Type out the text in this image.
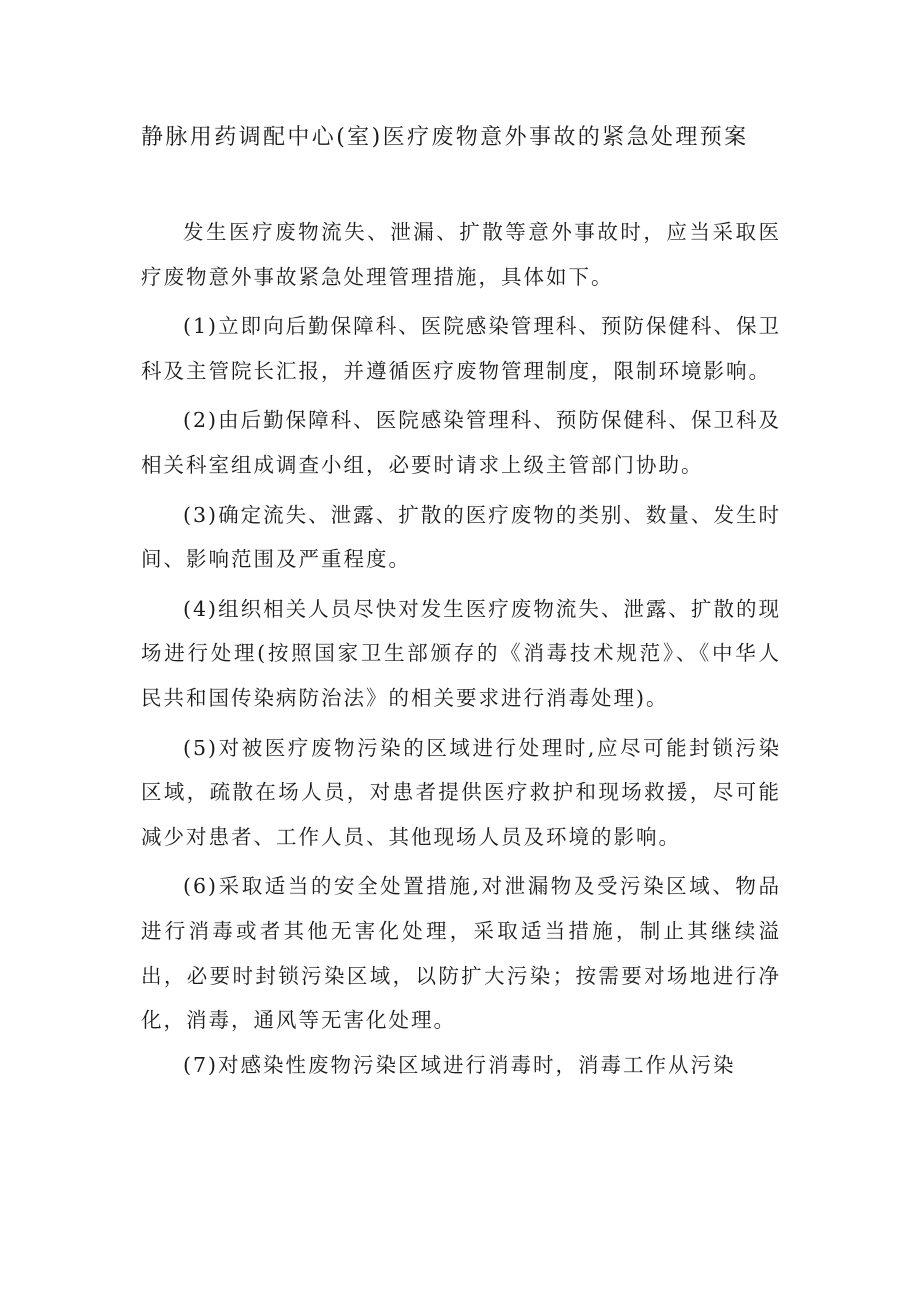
静脉用药调配中心(室)医疗废物意外事故的紧急处理预案

发生医疗废物流失、泄漏、扩散等意外事故时，应当采取医疗废物意外事故紧急处理管理措施，具体如下。

(1)立即向后勤保障科、医院感染管理科、预防保健科、保卫科及主管院长汇报，并遵循医疗废物管理制度，限制环境影响。

(2)由后勤保障科、医院感染管理科、预防保健科、保卫科及相关科室组成调查小组，必要时请求上级主管部门协助。

(3)确定流失、泄露、扩散的医疗废物的类别、数量、发生时间、影响范围及严重程度。

(4)组织相关人员尽快对发生医疗废物流失、泄露、扩散的现场进行处理(按照国家卫生部颁存的《消毒技术规范》、《中华人民共和国传染病防治法》的相关要求进行消毒处理)。

(5)对被医疗废物污染的区域进行处理时,应尽可能封锁污染区域，疏散在场人员，对患者提供医疗救护和现场救援，尽可能减少对患者、工作人员、其他现场人员及环境的影响。

(6)采取适当的安全处置措施,对泄漏物及受污染区域、物品进行消毒或者其他无害化处理，采取适当措施，制止其继续溢出，必要时封锁污染区域，以防扩大污染；按需要对场地进行净化，消毒，通风等无害化处理。

(7)对感染性废物污染区域进行消毒时，消毒工作从污染
